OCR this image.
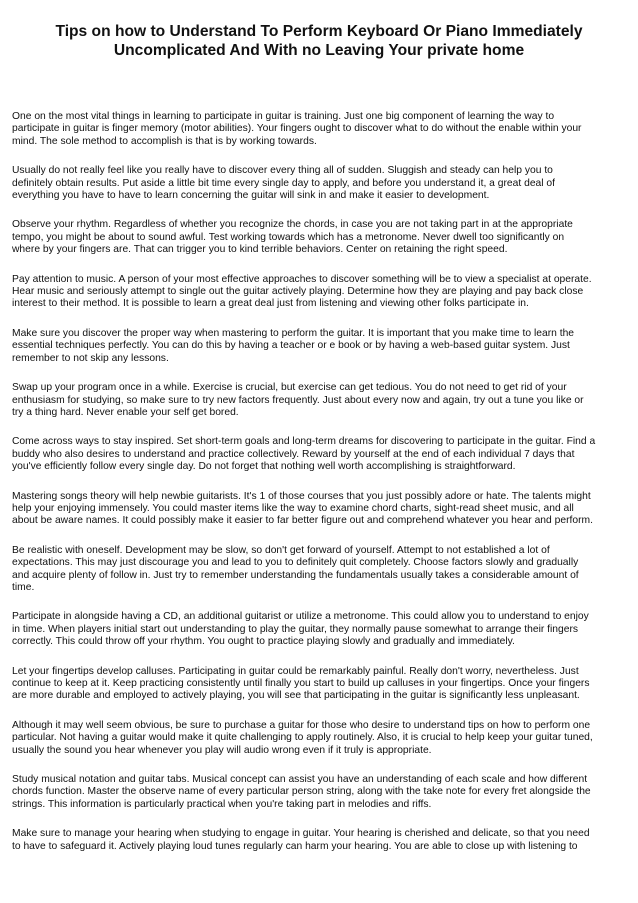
Tips on how to Understand To Perform Keyboard Or Piano Immediately
Uncomplicated And With no Leaving Your private home

One on the most vital things in learning to participate in guitar is training. Just one big component of learning the way to
participate in guitar is finger memory (motor abilities). Your fingers ought to discover what to do without the enable within your
mind. The sole method to accomplish is that is by working towards.

Usually do not really feel like you really have to discover every thing all of sudden. Sluggish and steady can help you to
definitely obtain results. Put aside a little bit time every single day to apply, and before you understand it, a great deal of
everything you have to have to learn concerning the guitar will sink in and make it easier to development.

Observe your rhythm. Regardless of whether you recognize the chords, in case you are not taking part in at the appropriate
tempo, you might be about to sound awful. Test working towards which has a metronome. Never dwell too significantly on
where by your fingers are. That can trigger you to kind terrible behaviors. Center on retaining the right speed.

Pay attention to music. A person of your most effective approaches to discover something will be to view a specialist at operate.
Hear music and seriously attempt to single out the guitar actively playing. Determine how they are playing and pay back close
interest to their method. It is possible to learn a great deal just from listening and viewing other folks participate in.

Make sure you discover the proper way when mastering to perform the guitar. It is important that you make time to learn the
essential techniques perfectly. You can do this by having a teacher or e book or by having a web-based guitar system. Just
remember to not skip any lessons.

Swap up your program once in a while. Exercise is crucial, but exercise can get tedious. You do not need to get rid of your
enthusiasm for studying, so make sure to try new factors frequently. Just about every now and again, try out a tune you like or
try a thing hard. Never enable your self get bored.

Come across ways to stay inspired. Set short-term goals and long-term dreams for discovering to participate in the guitar. Find a
buddy who also desires to understand and practice collectively. Reward by yourself at the end of each individual 7 days that
you've efficiently follow every single day. Do not forget that nothing well worth accomplishing is straightforward.

Mastering songs theory will help newbie guitarists. It's 1 of those courses that you just possibly adore or hate. The talents might
help your enjoying immensely. You could master items like the way to examine chord charts, sight-read sheet music, and all
about be aware names. It could possibly make it easier to far better figure out and comprehend whatever you hear and perform.

Be realistic with oneself. Development may be slow, so don't get forward of yourself. Attempt to not established a lot of
expectations. This may just discourage you and lead to you to definitely quit completely. Choose factors slowly and gradually
and acquire plenty of follow in. Just try to remember understanding the fundamentals usually takes a considerable amount of
time.

Participate in alongside having a CD, an additional guitarist or utilize a metronome. This could allow you to understand to enjoy
in time. When players initial start out understanding to play the guitar, they normally pause somewhat to arrange their fingers
correctly. This could throw off your rhythm. You ought to practice playing slowly and gradually and immediately.

Let your fingertips develop calluses. Participating in guitar could be remarkably painful. Really don't worry, nevertheless. Just
continue to keep at it. Keep practicing consistently until finally you start to build up calluses in your fingertips. Once your fingers
are more durable and employed to actively playing, you will see that participating in the guitar is significantly less unpleasant.

Although it may well seem obvious, be sure to purchase a guitar for those who desire to understand tips on how to perform one
particular. Not having a guitar would make it quite challenging to apply routinely. Also, it is crucial to help keep your guitar tuned,
usually the sound you hear whenever you play will audio wrong even if it truly is appropriate.

Study musical notation and guitar tabs. Musical concept can assist you have an understanding of each scale and how different
chords function. Master the observe name of every particular person string, along with the take note for every fret alongside the
strings. This information is particularly practical when you're taking part in melodies and riffs.

Make sure to manage your hearing when studying to engage in guitar. Your hearing is cherished and delicate, so that you need
to have to safeguard it. Actively playing loud tunes regularly can harm your hearing. You are able to close up with listening to
